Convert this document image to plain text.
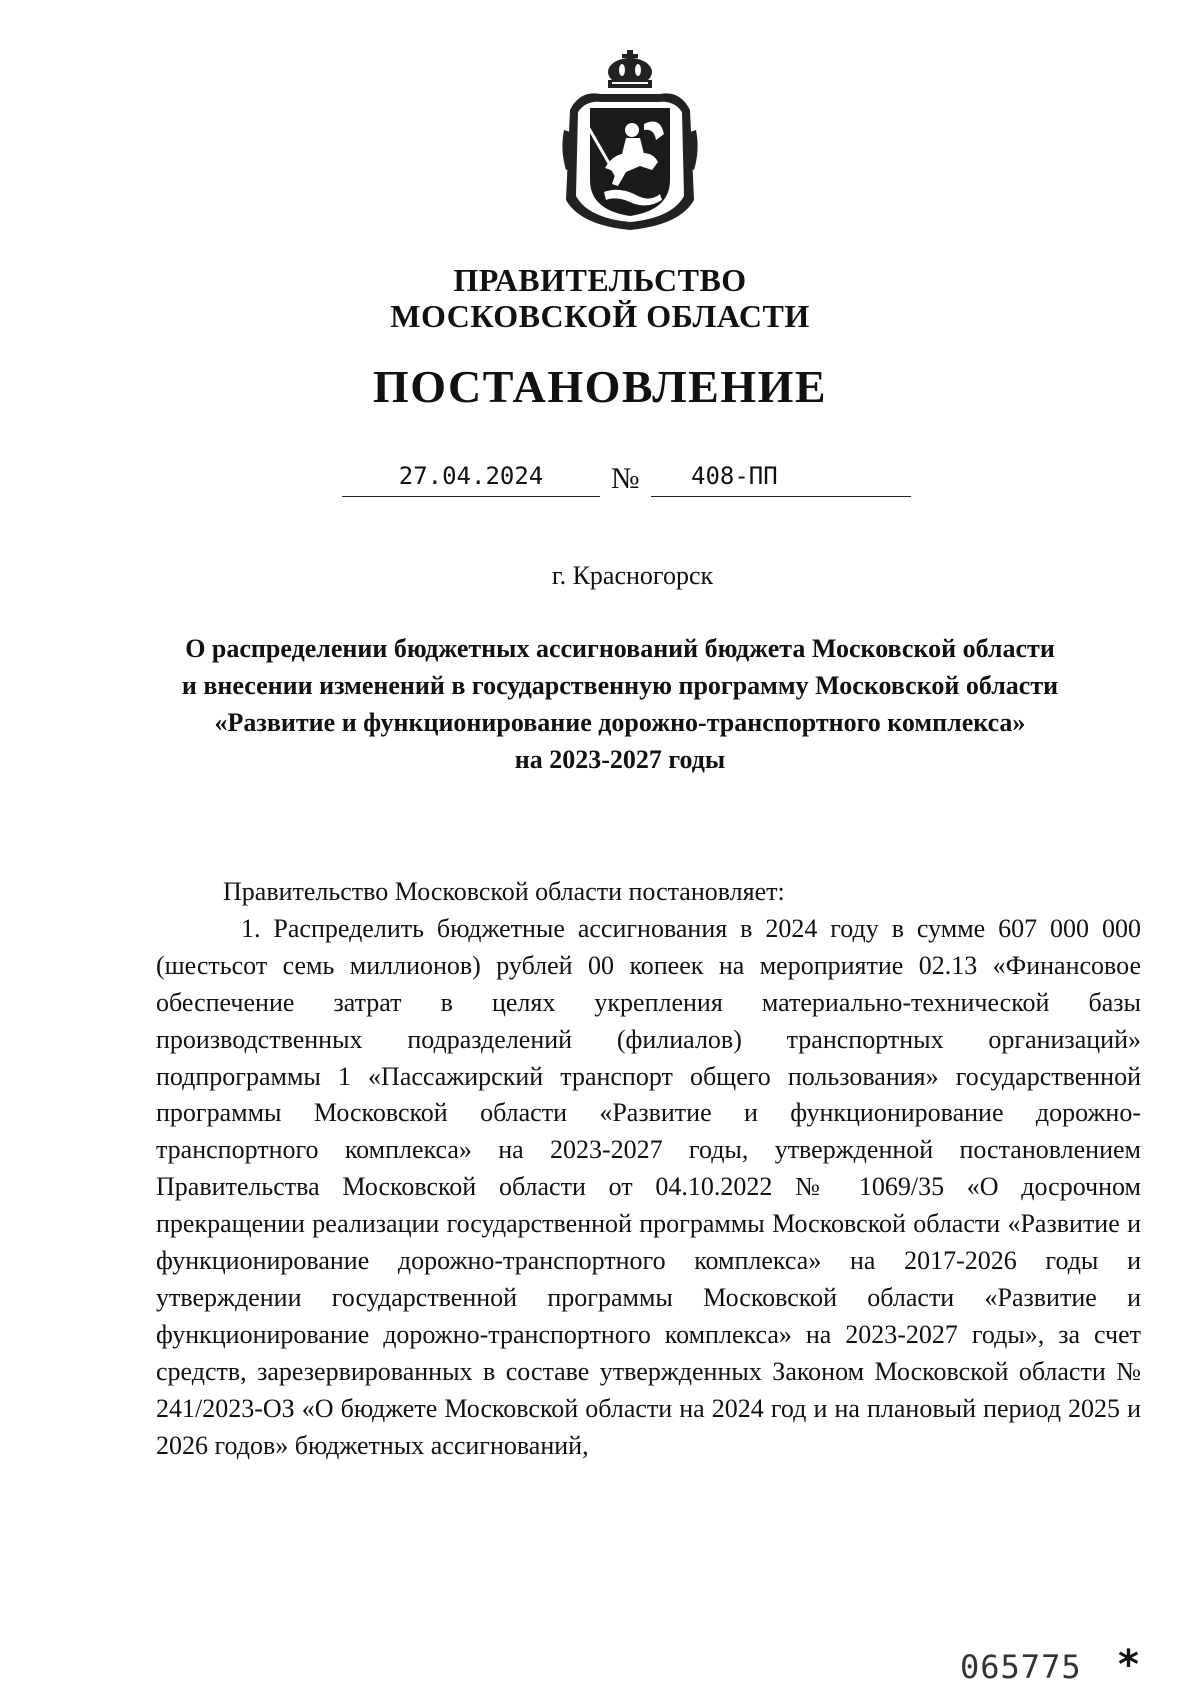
ПРАВИТЕЛЬСТВО
МОСКОВСКОЙ ОБЛАСТИ
ПОСТАНОВЛЕНИЕ
27.04.2024	№	408-ПП
г. Красногорск
О распределении бюджетных ассигнований бюджета Московской области
и внесении изменений в государственную программу Московской области
«Развитие и функционирование дорожно-транспортного комплекса»
на 2023-2027 годы

Правительство Московской области постановляет:

1. Распределить бюджетные ассигнования в 2024 году в сумме 607 000 000 (шестьсот семь миллионов) рублей 00 копеек на мероприятие 02.13 «Финансовое обеспечение затрат в целях укрепления материально-технической базы производственных подразделений (филиалов) транспортных организаций» подпрограммы 1 «Пассажирский транспорт общего пользования» государственной программы Московской области «Развитие и функционирование дорожно-транспортного комплекса» на 2023-2027 годы, утвержденной постановлением Правительства Московской области от 04.10.2022 № 1069/35 «О досрочном прекращении реализации государственной программы Московской области «Развитие и функционирование дорожно-транспортного комплекса» на 2017-2026 годы и утверждении государственной программы Московской области «Развитие и функционирование дорожно-транспортного комплекса» на 2023-2027 годы», за счет средств, зарезервированных в составе утвержденных Законом Московской области № 241/2023-ОЗ «О бюджете Московской области на 2024 год и на плановый период 2025 и 2026 годов» бюджетных ассигнований,

065775 *
